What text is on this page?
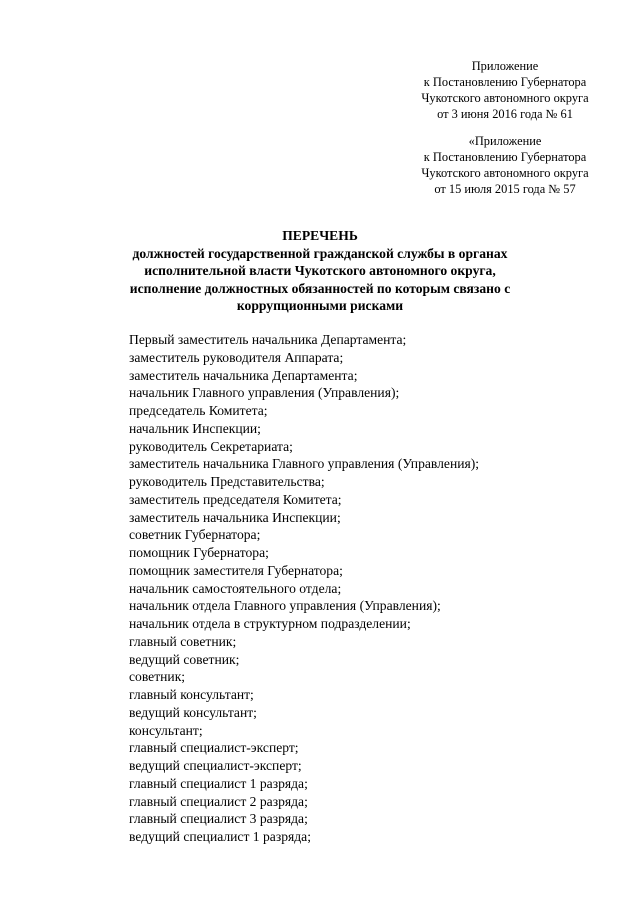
Приложение
к Постановлению Губернатора
Чукотского автономного округа
от 3 июня 2016 года № 61
«Приложение
к Постановлению Губернатора
Чукотского автономного округа
от 15 июля 2015 года № 57
ПЕРЕЧЕНЬ
должностей государственной гражданской службы в органах
исполнительной власти Чукотского автономного округа,
исполнение должностных обязанностей по которым связано с
коррупционными рисками
Первый заместитель начальника Департамента;
заместитель руководителя Аппарата;
заместитель начальника Департамента;
начальник Главного управления (Управления);
председатель Комитета;
начальник Инспекции;
руководитель Секретариата;
заместитель начальника Главного управления (Управления);
руководитель Представительства;
заместитель председателя Комитета;
заместитель начальника Инспекции;
советник Губернатора;
помощник Губернатора;
помощник заместителя Губернатора;
начальник самостоятельного отдела;
начальник отдела Главного управления (Управления);
начальник отдела в структурном подразделении;
главный советник;
ведущий советник;
советник;
главный консультант;
ведущий консультант;
консультант;
главный специалист-эксперт;
ведущий специалист-эксперт;
главный специалист 1 разряда;
главный специалист 2 разряда;
главный специалист 3 разряда;
ведущий специалист 1 разряда;
